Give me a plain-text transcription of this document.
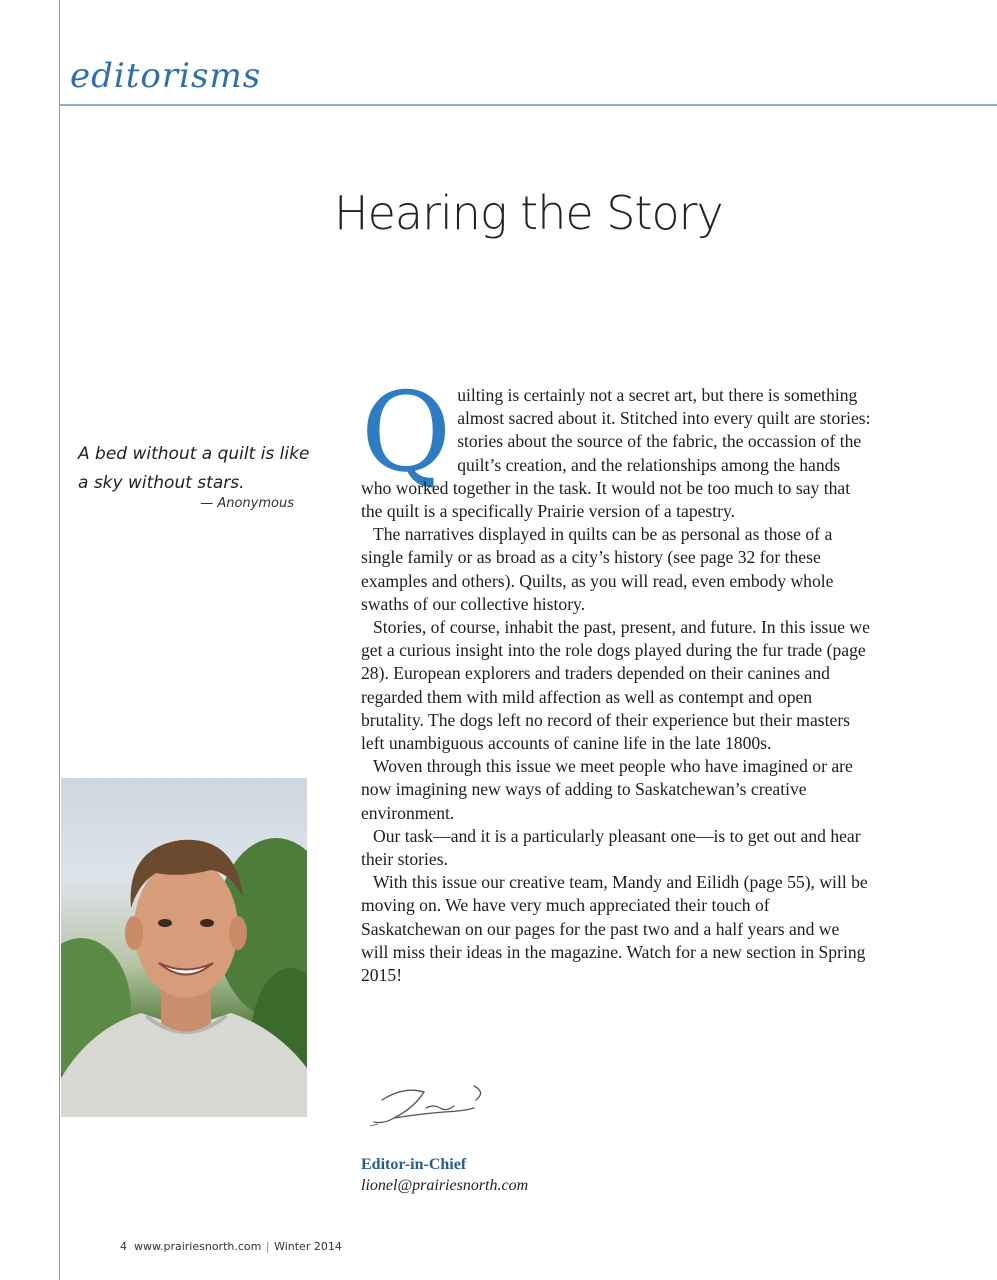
editorisms
Hearing the Story
A bed without a quilt is like
a sky without stars.
— Anonymous

Quilting is certainly not a secret art, but there is something almost sacred about it. Stitched into every quilt are stories: stories about the source of the fabric, the occassion of the quilt’s creation, and the relationships among the hands who worked together in the task. It would not be too much to say that the quilt is a specifically Prairie version of a tapestry.

The narratives displayed in quilts can be as personal as those of a single family or as broad as a city’s history (see page 32 for these examples and others). Quilts, as you will read, even embody whole swaths of our collective history.

Stories, of course, inhabit the past, present, and future. In this issue we get a curious insight into the role dogs played during the fur trade (page 28). European explorers and traders depended on their canines and regarded them with mild affection as well as contempt and open brutality. The dogs left no record of their experience but their masters left unambiguous accounts of canine life in the late 1800s.

Woven through this issue we meet people who have imagined or are now imagining new ways of adding to Saskatchewan’s creative environment.

Our task—and it is a particularly pleasant one—is to get out and hear their stories.

With this issue our creative team, Mandy and Eilidh (page 55), will be moving on. We have very much appreciated their touch of Saskatchewan on our pages for the past two and a half years and we will miss their ideas in the magazine. Watch for a new section in Spring 2015!

Editor-in-Chief
lionel@prairiesnorth.com
4 www.prairiesnorth.com | Winter 2014
